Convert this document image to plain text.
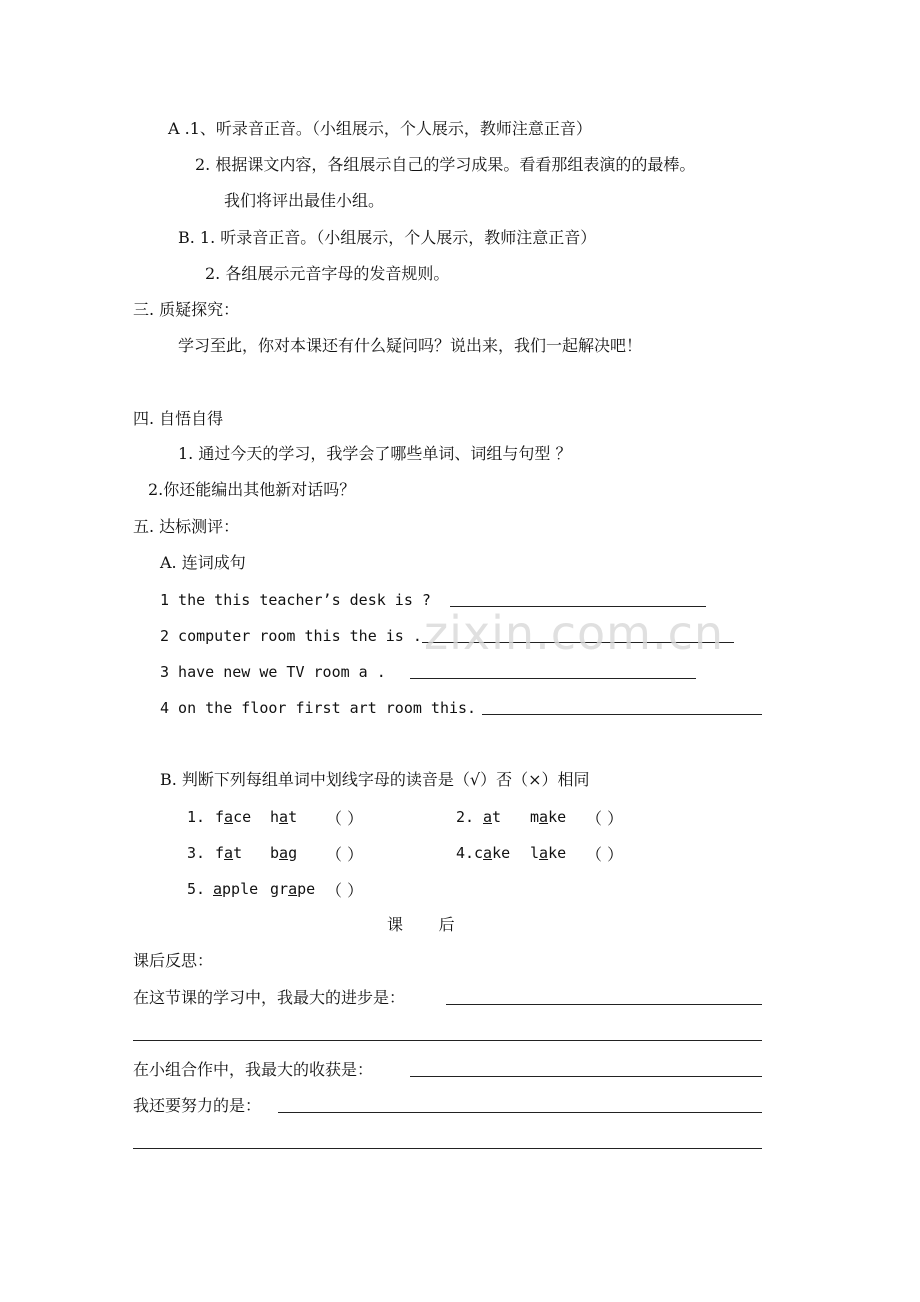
A .1、听录音正音。（小组展示，个人展示，教师注意正音）
2. 根据课文内容，各组展示自己的学习成果。看看那组表演的的最棒。
我们将评出最佳小组。
B. 1. 听录音正音。（小组展示，个人展示，教师注意正音）
2. 各组展示元音字母的发音规则。
三. 质疑探究：
学习至此，你对本课还有什么疑问吗？说出来，我们一起解决吧！
四. 自悟自得
1. 通过今天的学习，我学会了哪些单词、词组与句型 ？
2.你还能编出其他新对话吗？
五. 达标测评：
A. 连词成句
1 the this teacher’s desk is ?
2 computer room this the is .
3 have new we TV room a .
4 on the floor first art room this.
zixin.com.cn
B. 判断下列每组单词中划线字母的读音是（√）否（×）相同
1. face hat （ ）	2. at make （ ）
3. fat bag （ ）	4. cake lake （ ）
5. apple grape （ ）
课       后
课后反思：
在这节课的学习中，我最大的进步是：
在小组合作中，我最大的收获是：
我还要努力的是：
